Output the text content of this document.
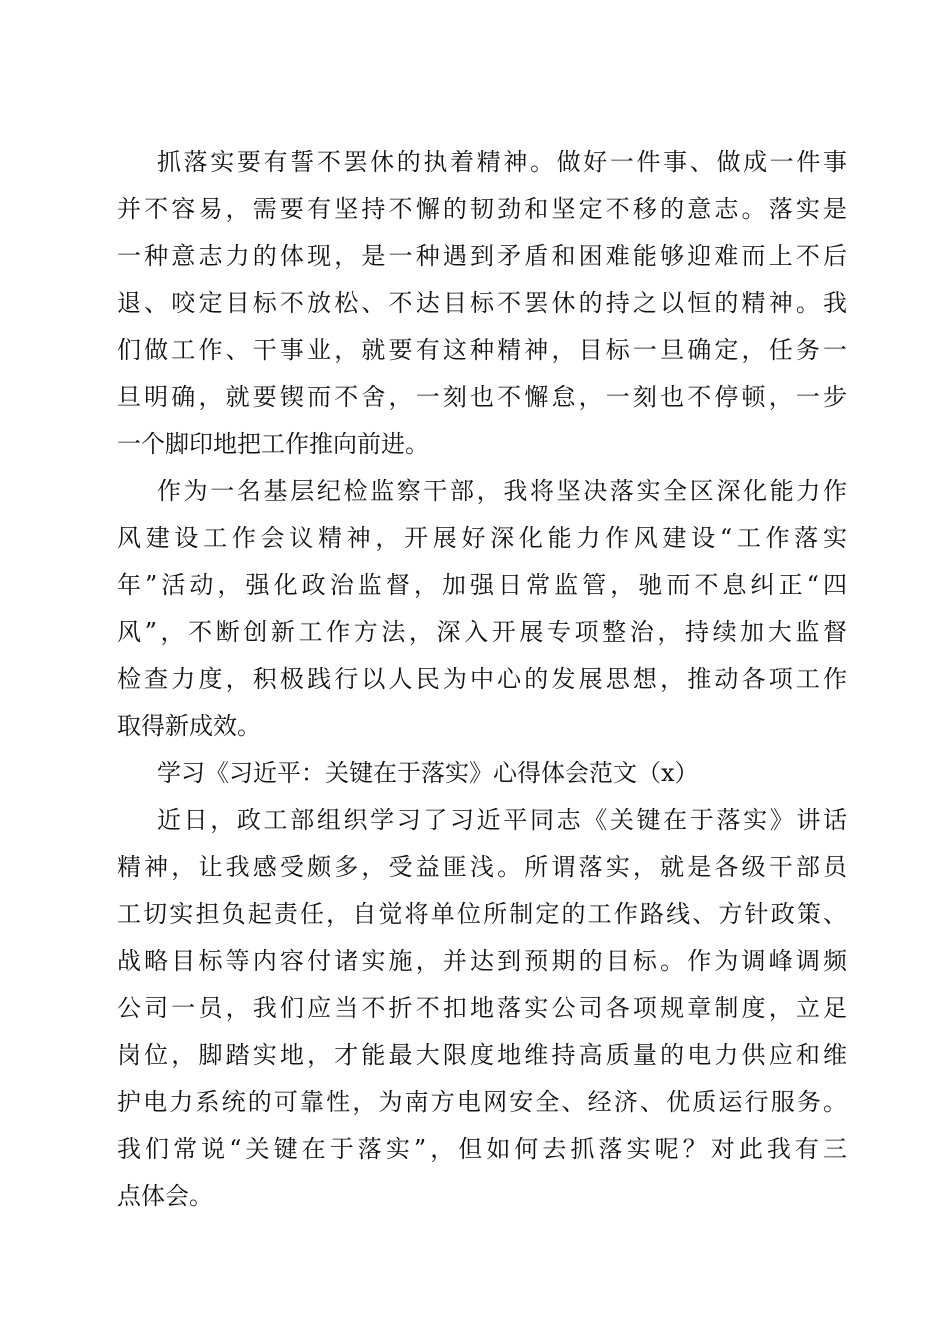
抓落实要有誓不罢休的执着精神。做好一件事、做成一件事
并不容易，需要有坚持不懈的韧劲和坚定不移的意志。落实是
一种意志力的体现，是一种遇到矛盾和困难能够迎难而上不后
退、咬定目标不放松、不达目标不罢休的持之以恒的精神。我
们做工作、干事业，就要有这种精神，目标一旦确定，任务一
旦明确，就要锲而不舍，一刻也不懈怠，一刻也不停顿，一步
一个脚印地把工作推向前进。
作为一名基层纪检监察干部，我将坚决落实全区深化能力作
风建设工作会议精神，开展好深化能力作风建设“工作落实
年”活动，强化政治监督，加强日常监管，驰而不息纠正“四
风”，不断创新工作方法，深入开展专项整治，持续加大监督
检查力度，积极践行以人民为中心的发展思想，推动各项工作
取得新成效。
学习《习近平：关键在于落实》心得体会范文（x）
近日，政工部组织学习了习近平同志《关键在于落实》讲话
精神，让我感受颇多，受益匪浅。所谓落实，就是各级干部员
工切实担负起责任，自觉将单位所制定的工作路线、方针政策、
战略目标等内容付诸实施，并达到预期的目标。作为调峰调频
公司一员，我们应当不折不扣地落实公司各项规章制度，立足
岗位，脚踏实地，才能最大限度地维持高质量的电力供应和维
护电力系统的可靠性，为南方电网安全、经济、优质运行服务。
我们常说“关键在于落实”，但如何去抓落实呢？对此我有三
点体会。
